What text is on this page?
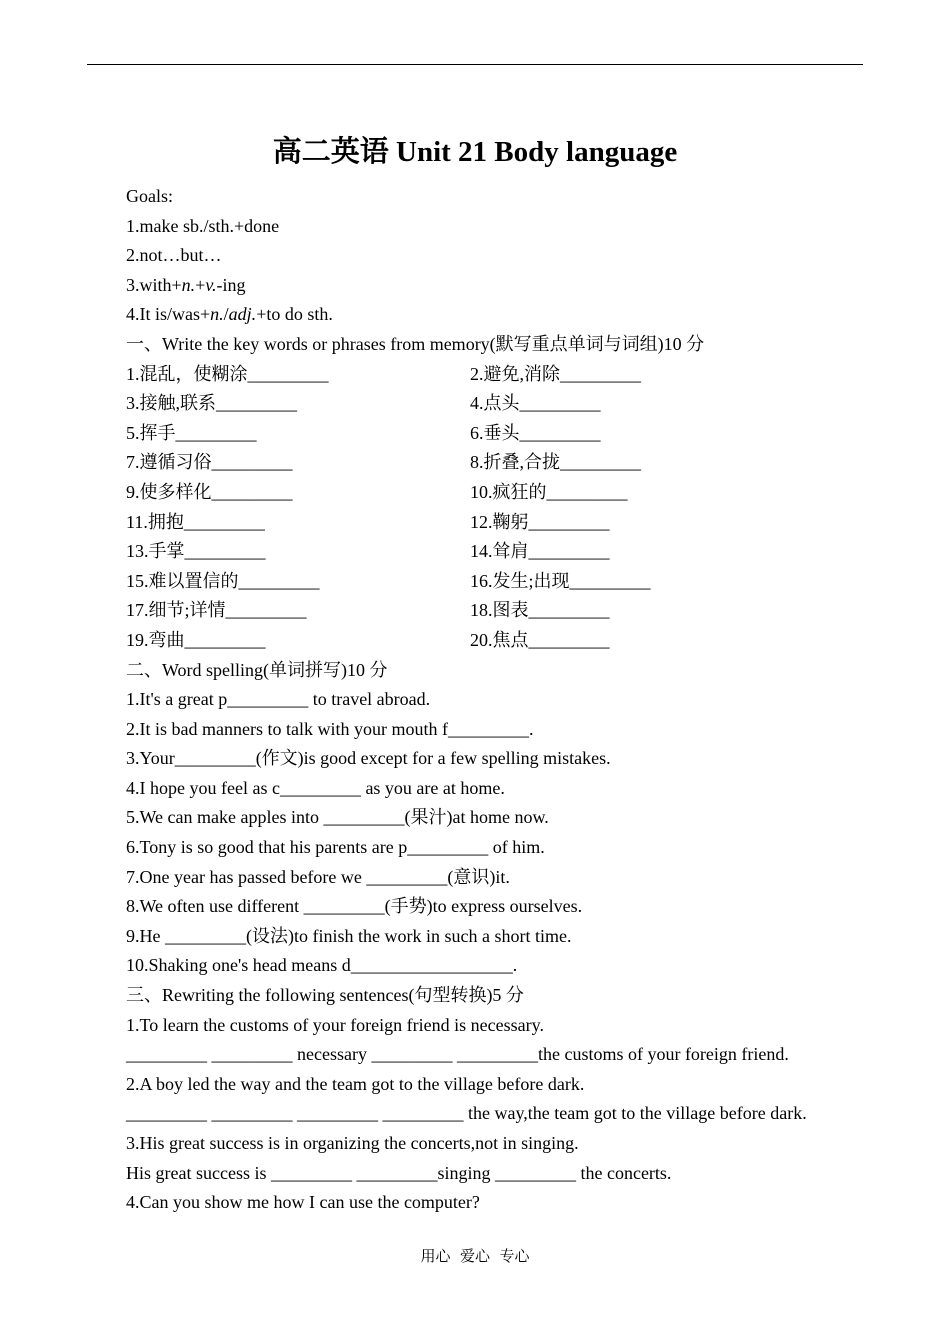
高二英语 Unit 21 Body language
Goals:
1.make sb./sth.+done
2.not…but…
3.with+n.+v.-ing
4.It is/was+n./adj.+to do sth.
一、Write the key words or phrases from memory(默写重点单词与词组)10 分
1.混乱，使糊涂_________	2.避免,消除_________
3.接触,联系_________	4.点头_________
5.挥手_________	6.垂头_________
7.遵循习俗_________	8.折叠,合拢_________
9.使多样化_________	10.疯狂的_________
11.拥抱_________	12.鞠躬_________
13.手掌_________	14.耸肩_________
15.难以置信的_________	16.发生;出现_________
17.细节;详情_________	18.图表_________
19.弯曲_________	20.焦点_________
二、Word spelling(单词拼写)10 分
1.It's a great p_________ to travel abroad.
2.It is bad manners to talk with your mouth f_________.
3.Your_________(作文)is good except for a few spelling mistakes.
4.I hope you feel as c_________ as you are at home.
5.We can make apples into _________(果汁)at home now.
6.Tony is so good that his parents are p_________ of him.
7.One year has passed before we _________(意识)it.
8.We often use different _________(手势)to express ourselves.
9.He _________(设法)to finish the work in such a short time.
10.Shaking one's head means d__________________.
三、Rewriting the following sentences(句型转换)5 分
1.To learn the customs of your foreign friend is necessary.
_________ _________ necessary _________ _________the customs of your foreign friend.
2.A boy led the way and the team got to the village before dark.
_________ _________ _________ _________ the way,the team got to the village before dark.
3.His great success is in organizing the concerts,not in singing.
His great success is _________ _________singing _________ the concerts.
4.Can you show me how I can use the computer?
用心  爱心  专心
